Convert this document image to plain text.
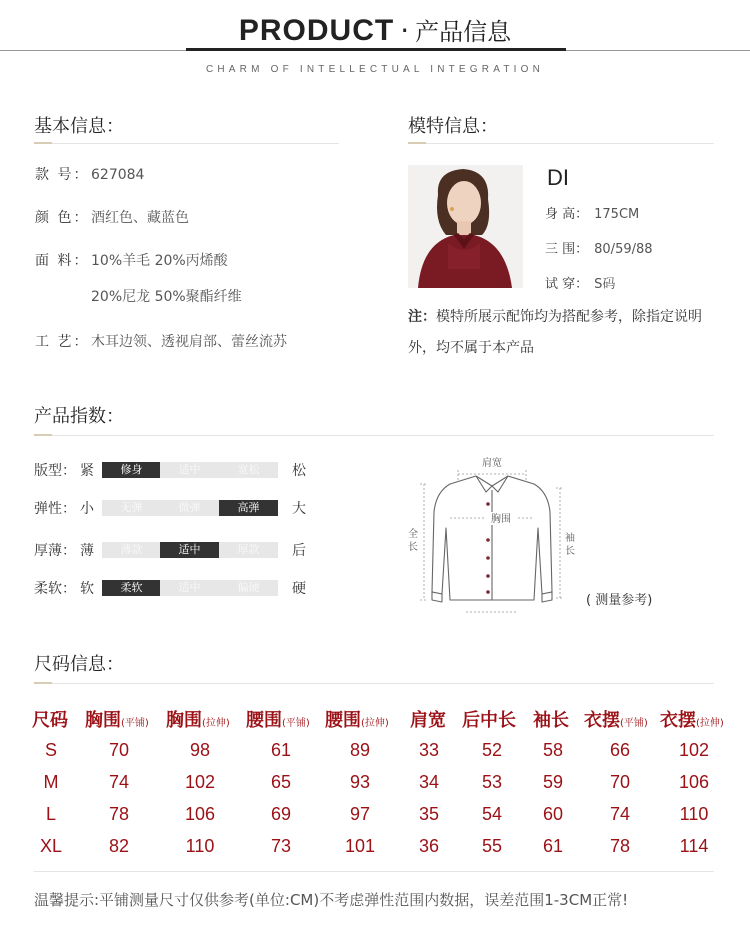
PRODUCT · 产品信息
CHARM OF INTELLECTUAL INTEGRATION
基本信息：
款 号： 627084
颜 色： 酒红色、藏蓝色
面 料： 10%羊毛 20%丙烯酸
20%尼龙 50%聚酯纤维
工 艺： 木耳边领、透视肩部、蕾丝流苏
模特信息：
DI
身 高： 175CM
三 围： 80/59/88
试 穿： S码
注：模特所展示配饰均为搭配参考，除指定说明外，均不属于本产品
产品指数：
版型： 紧	松
修身	适中	宽松
弹性： 小	大
无弹	微弹	高弹
厚薄： 薄	后
薄款	适中	厚款
柔软： 软	硬
柔软	适中	偏硬
肩宽
胸围
全长
袖长
( 测量参考)
尺码信息：
尺码 胸围(平铺) 胸围(拉伸) 腰围(平铺) 腰围(拉伸) 肩宽 后中长 袖长 衣摆(平铺) 衣摆(拉伸)
S	70	98	61	89	33	52	58	66	102
M	74	102	65	93	34	53	59	70	106
L	78	106	69	97	35	54	60	74	110
XL	82	110	73	101	36	55	61	78	114
温馨提示:平铺测量尺寸仅供参考(单位:CM)不考虑弹性范围内数据，误差范围1-3CM正常!
